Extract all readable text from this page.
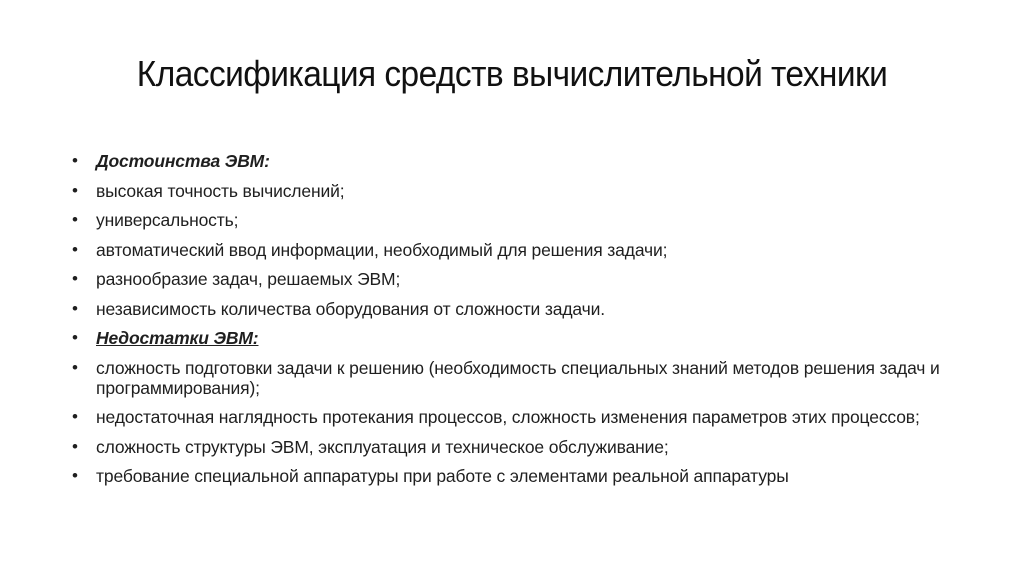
Классификация средств вычислительной техники
• Достоинства ЭВМ:
• высокая точность вычислений;
• универсальность;
• автоматический ввод информации, необходимый для решения задачи;
• разнообразие задач, решаемых ЭВМ;
• независимость количества оборудования от сложности задачи.
• Недостатки ЭВМ:
• сложность подготовки задачи к решению (необходимость специальных знаний методов решения задач и программирования);
• недостаточная наглядность протекания процессов, сложность изменения параметров этих процессов;
• сложность структуры ЭВМ, эксплуатация и техническое обслуживание;
• требование специальной аппаратуры при работе с элементами реальной аппаратуры
